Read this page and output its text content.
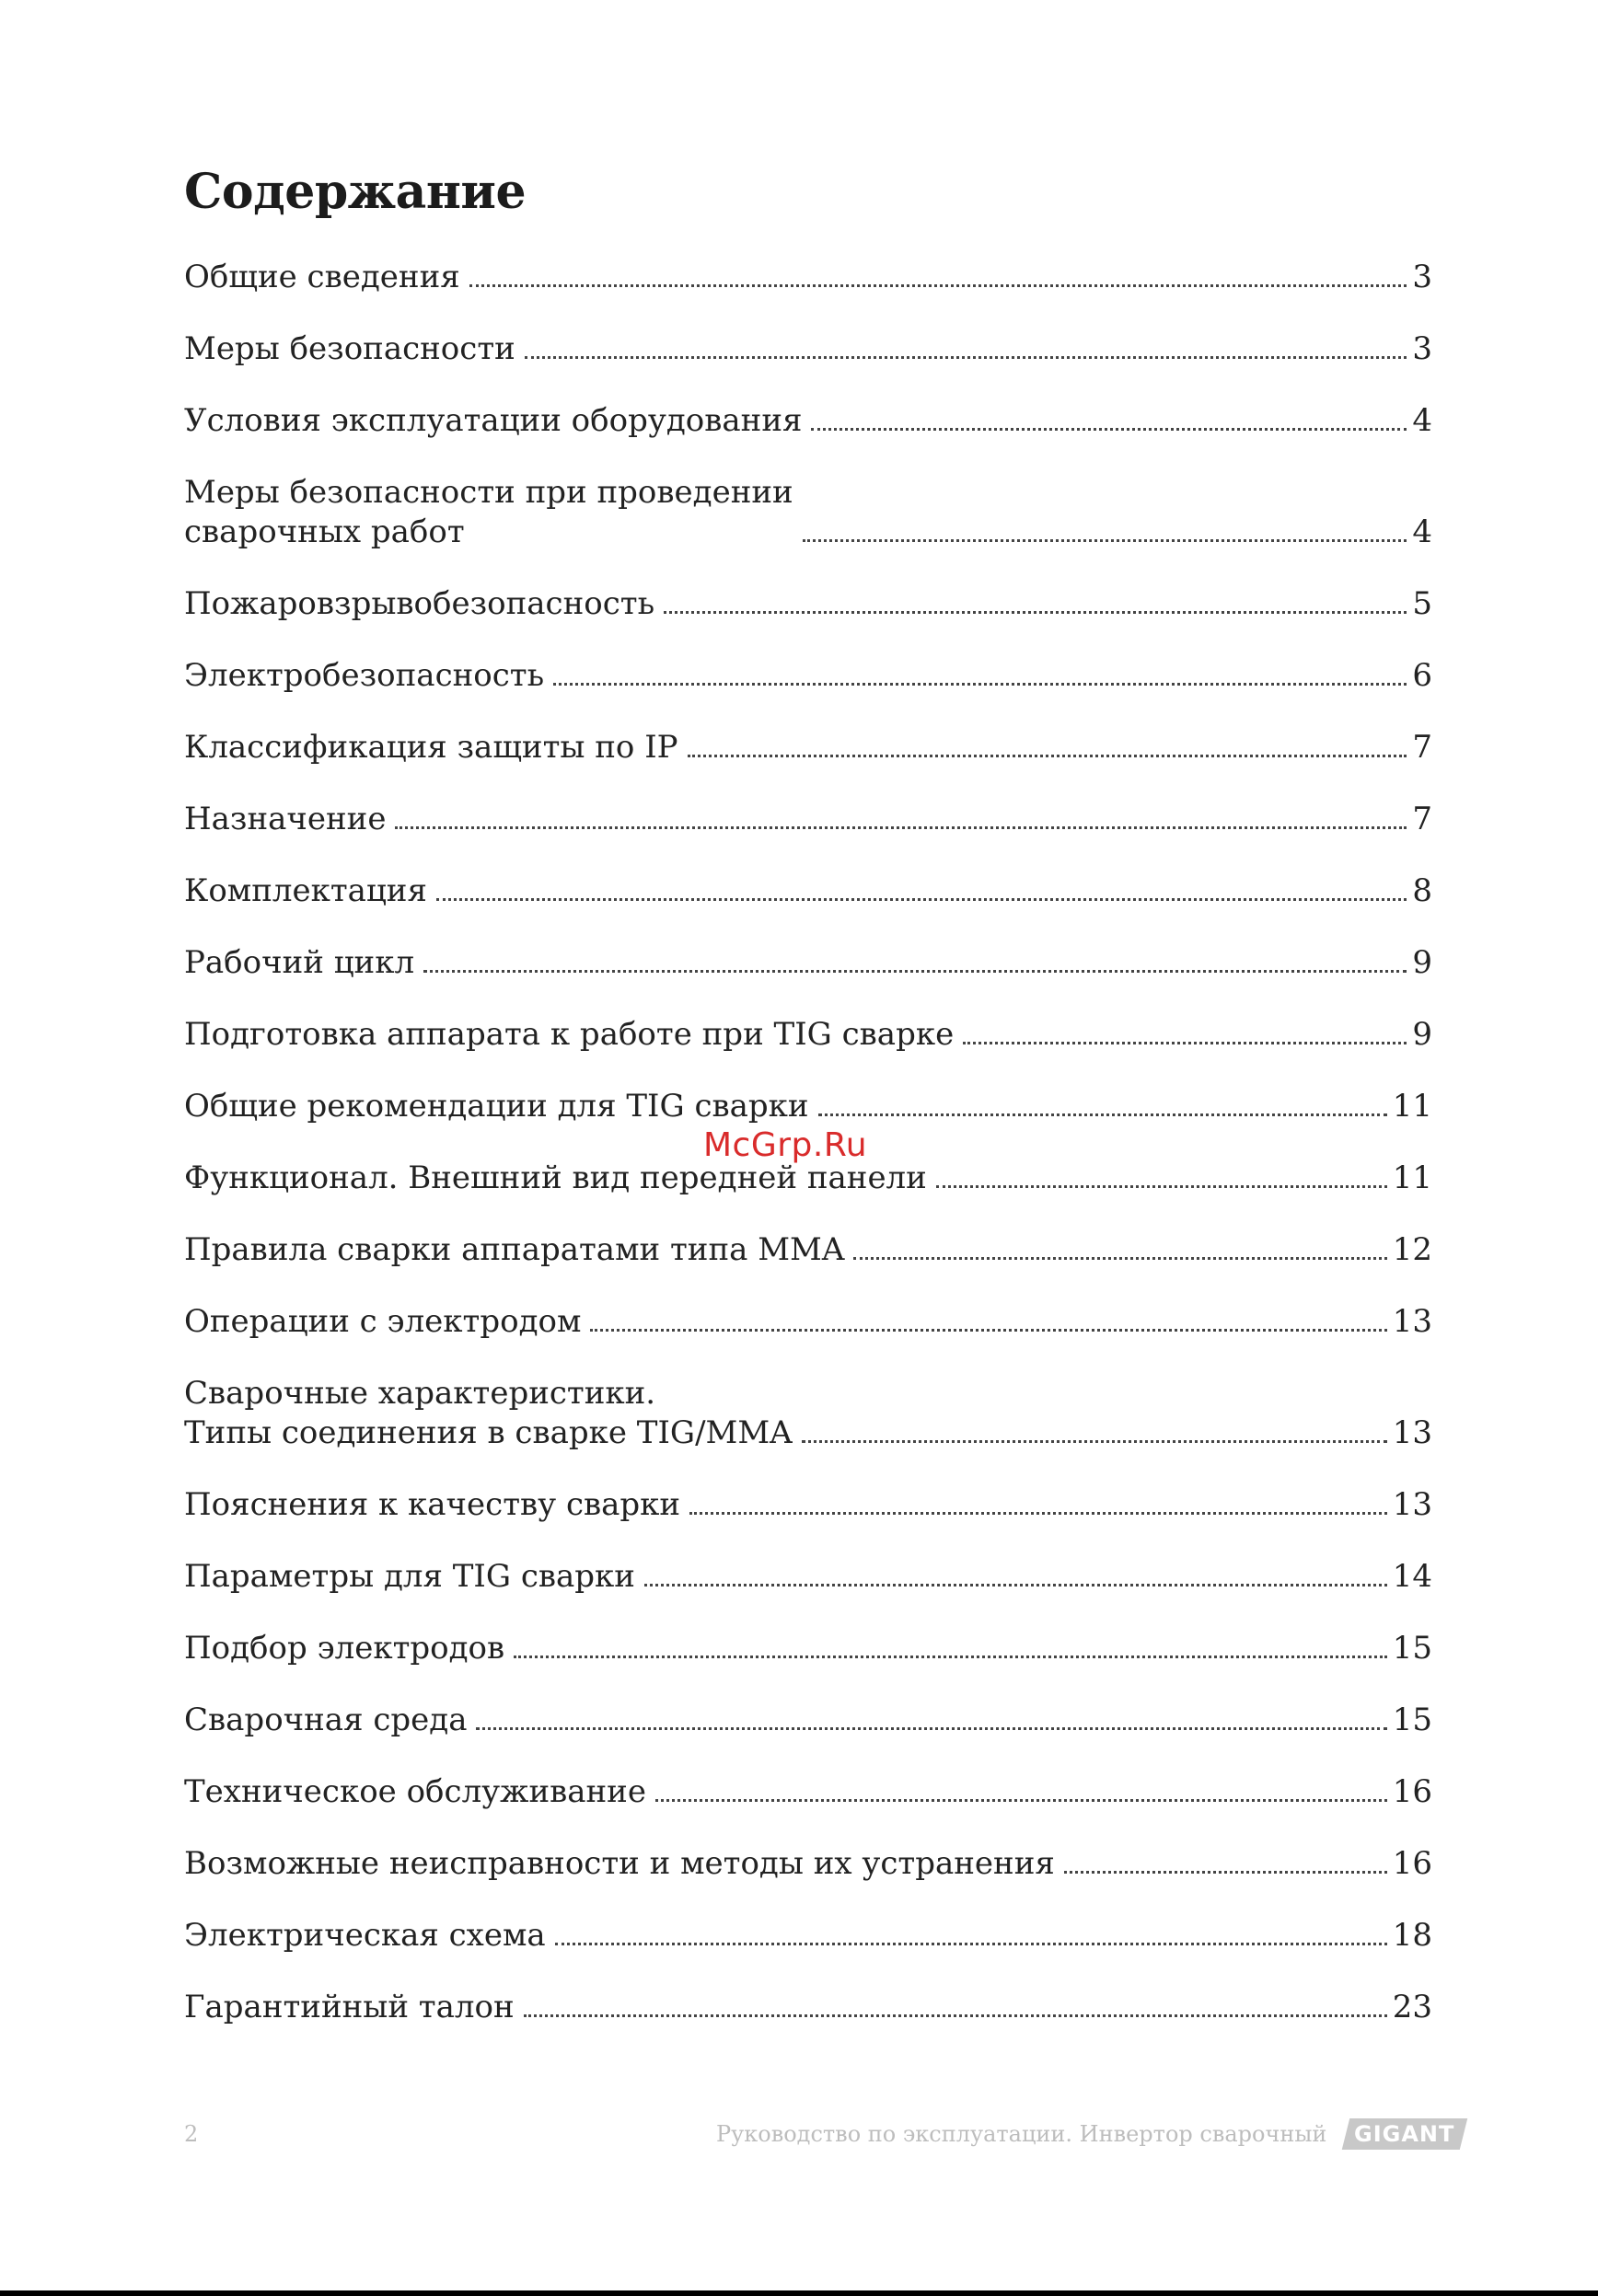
Содержание
Общие сведения	3
Меры безопасности	3
Условия эксплуатации оборудования	4
Меры безопасности при проведении
сварочных работ	4
Пожаровзрывобезопасность	5
Электробезопасность	6
Классификация защиты по IP	7
Назначение	7
Комплектация	8
Рабочий цикл	9
Подготовка аппарата к работе при TIG сварке	9
Общие рекомендации для TIG сварки	11
Функционал. Внешний вид передней панели	11
Правила сварки аппаратами типа MMA	12
Операции с электродом	13
Сварочные характеристики.
Типы соединения в сварке TIG/MMA	13
Пояснения к качеству сварки	13
Параметры для TIG сварки	14
Подбор электродов	15
Сварочная среда	15
Техническое обслуживание	16
Возможные неисправности и методы их устранения	16
Электрическая схема	18
Гарантийный талон	23
McGrp.Ru
2	Руководство по эксплуатации. Инвертор сварочный GIGANT
